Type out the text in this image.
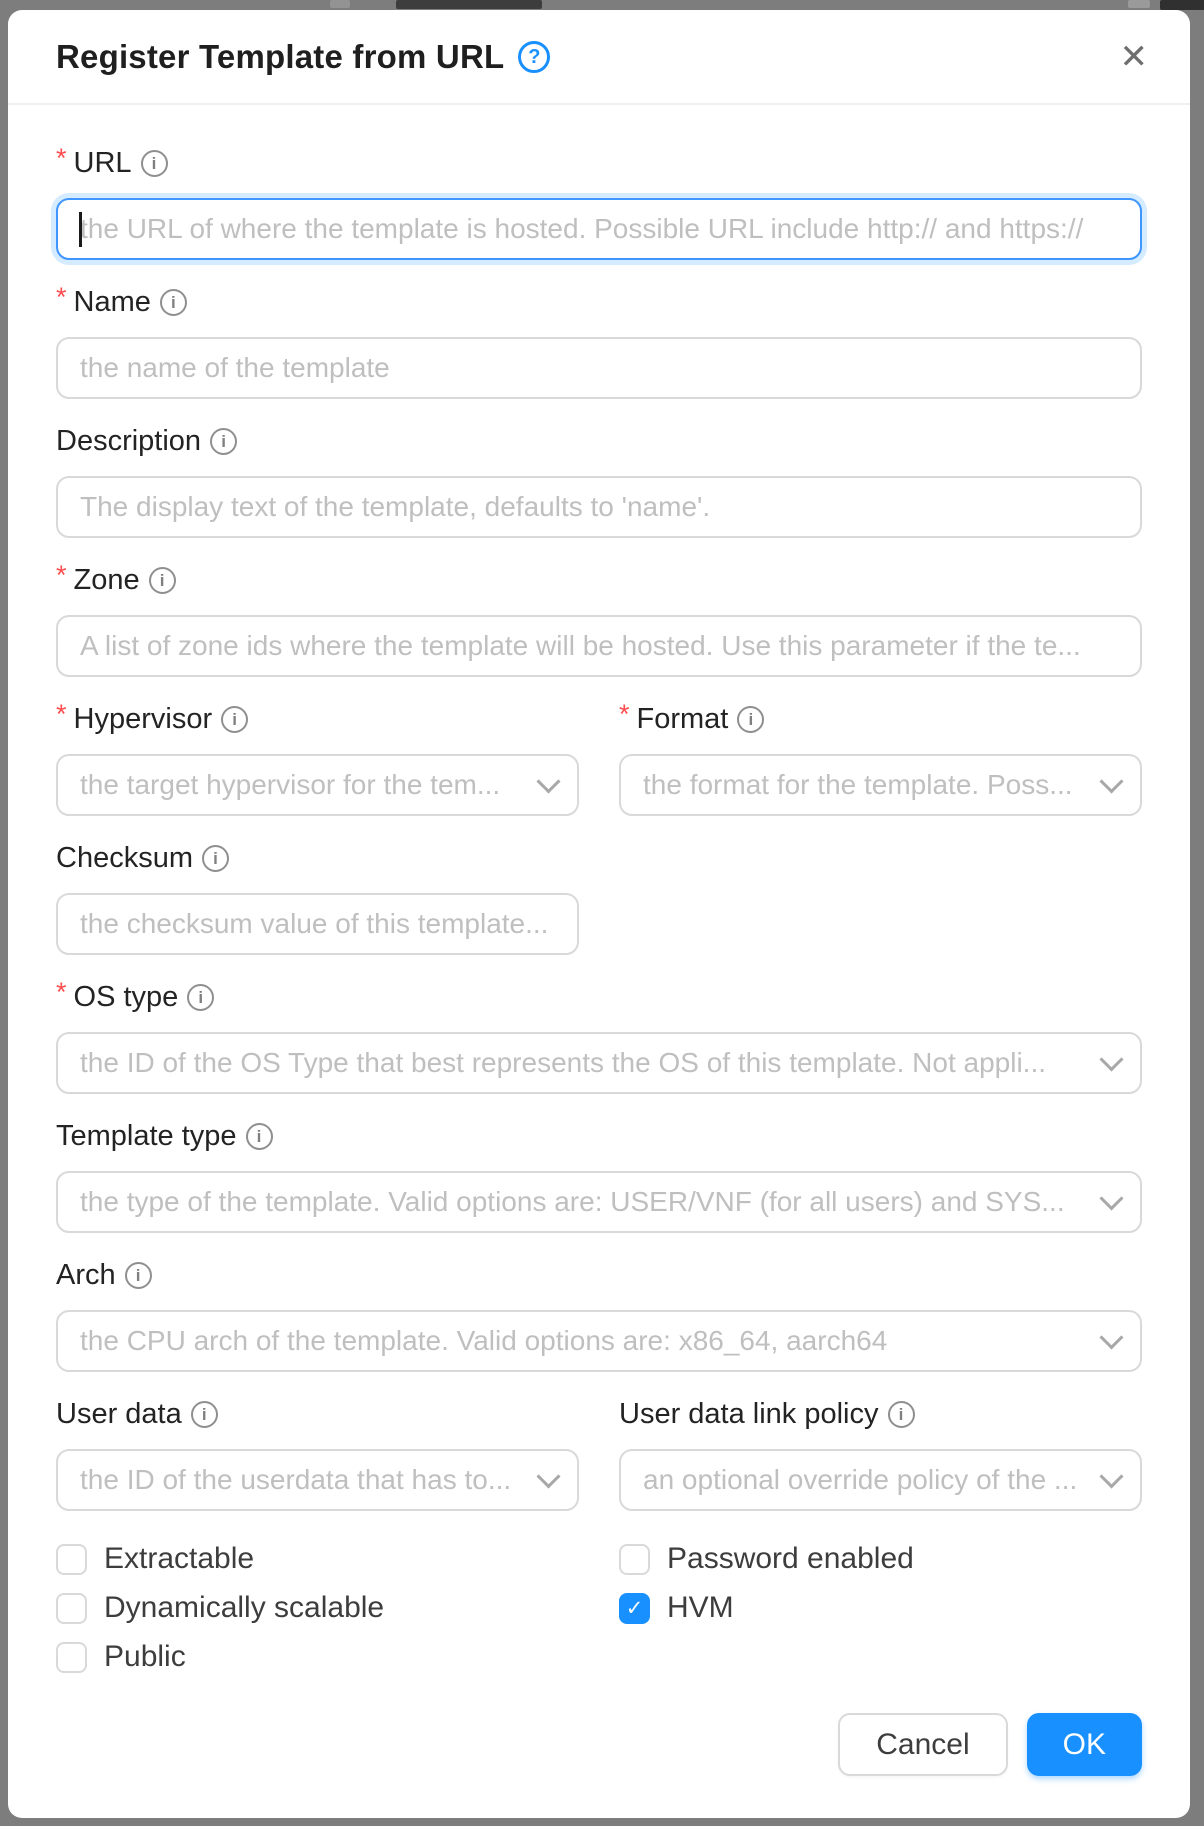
Register Template from URL	?	✕
* URL	i
the URL of where the template is hosted. Possible URL include http:// and https://
* Name	i
the name of the template
Description	i
The display text of the template, defaults to 'name'.
* Zone	i
A list of zone ids where the template will be hosted. Use this parameter if the te...
* Hypervisor	i
the target hypervisor for the tem...
* Format	i
the format for the template. Poss...
Checksum	i
the checksum value of this template...
* OS type	i
the ID of the OS Type that best represents the OS of this template. Not appli...
Template type	i
the type of the template. Valid options are: USER/VNF (for all users) and SYS...
Arch	i
the CPU arch of the template. Valid options are: x86_64, aarch64
User data	i
the ID of the userdata that has to...
User data link policy	i
an optional override policy of the ...
Extractable
Dynamically scalable
Public
Password enabled
✓ HVM
Cancel	OK
